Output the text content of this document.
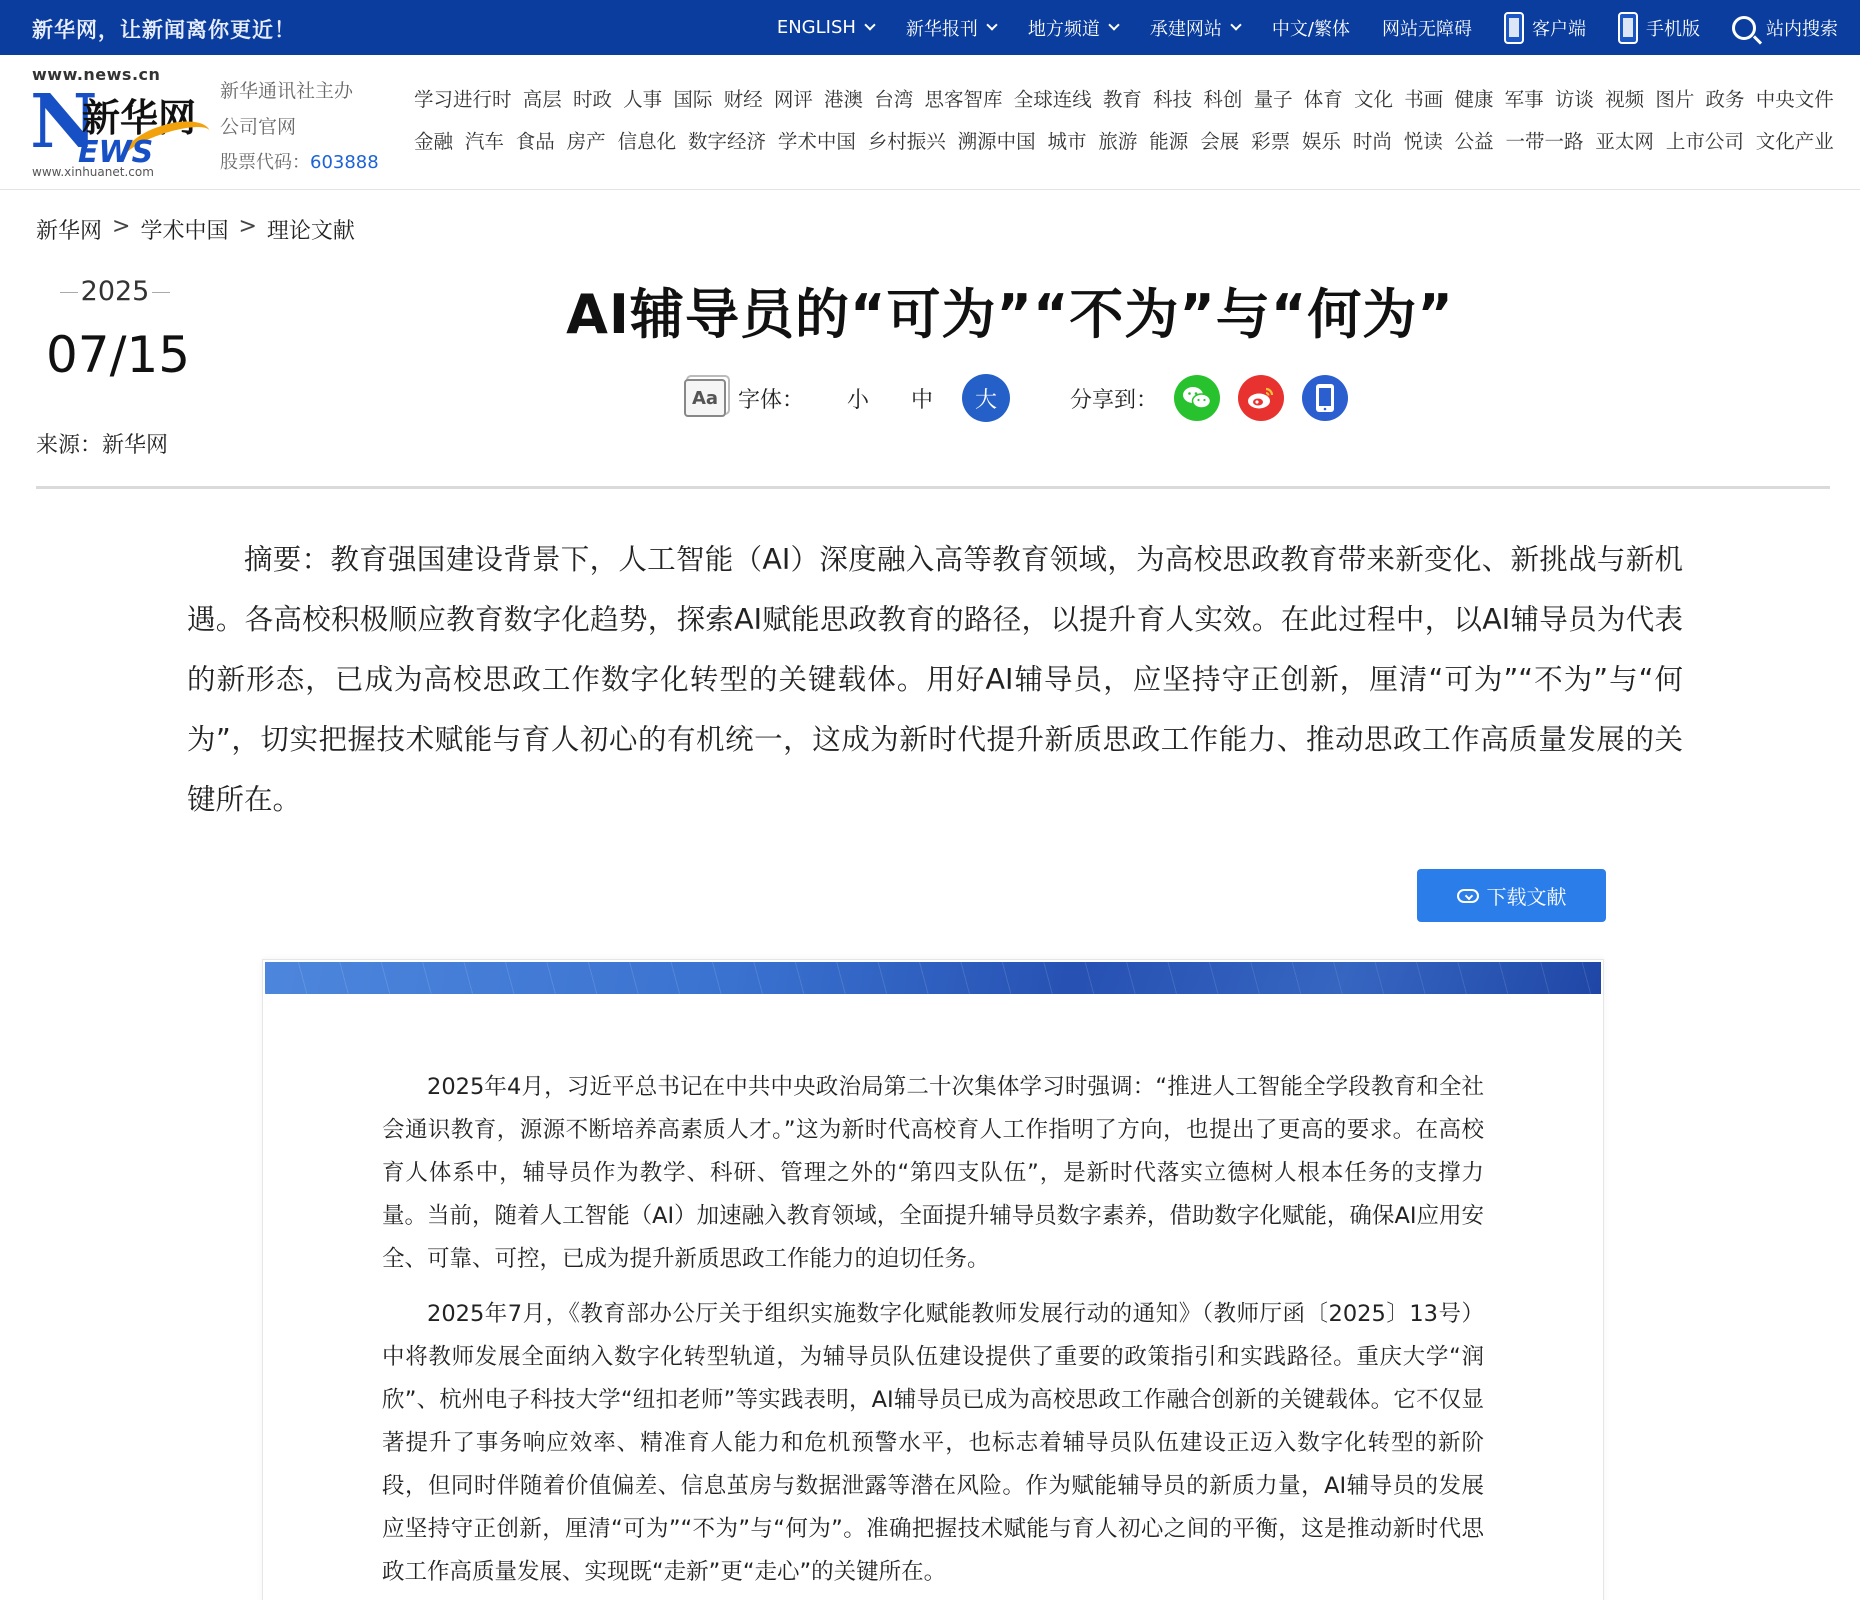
新华网，让新闻离你更近！	ENGLISH	新华报刊	地方频道	承建网站	中文/繁体 网站无障碍	客户端	手机版	站内搜索
www.news.cn
N
新华网
EWS
www.xinhuanet.com
新华通讯社主办
公司官网
股票代码：603888
学习进行时 高层 时政 人事 国际 财经 网评 港澳 台湾 思客智库 全球连线 教育 科技 科创 量子 体育 文化 书画 健康 军事 访谈 视频 图片 政务 中央文件
金融 汽车 食品 房产 信息化 数字经济 学术中国 乡村振兴 溯源中国 城市 旅游 能源 会展 彩票 娱乐 时尚 悦读 公益 一带一路 亚太网 上市公司 文化产业
新华网 > 学术中国 > 理论文献
2025
07/15
来源：新华网
AI辅导员的“可为”“不为”与“何为”
Aa 字体：	小	中	大	分享到：

摘要：教育强国建设背景下，人工智能（AI）深度融入高等教育领域，为高校思政教育带来新变化、新挑战与新机遇。各高校积极顺应教育数字化趋势，探索AI赋能思政教育的路径，以提升育人实效。在此过程中，以AI辅导员为代表的新形态，已成为高校思政工作数字化转型的关键载体。用好AI辅导员，应坚持守正创新，厘清“可为”“不为”与“何为”，切实把握技术赋能与育人初心的有机统一，这成为新时代提升新质思政工作能力、推动思政工作高质量发展的关键所在。

下载文献

2025年4月，习近平总书记在中共中央政治局第二十次集体学习时强调：“推进人工智能全学段教育和全社会通识教育，源源不断培养高素质人才。”这为新时代高校育人工作指明了方向，也提出了更高的要求。在高校育人体系中，辅导员作为教学、科研、管理之外的“第四支队伍”，是新时代落实立德树人根本任务的支撑力量。当前，随着人工智能（AI）加速融入教育领域，全面提升辅导员数字素养，借助数字化赋能，确保AI应用安全、可靠、可控，已成为提升新质思政工作能力的迫切任务。

2025年7月，《教育部办公厅关于组织实施数字化赋能教师发展行动的通知》（教师厅函〔2025〕13号）中将教师发展全面纳入数字化转型轨道，为辅导员队伍建设提供了重要的政策指引和实践路径。重庆大学“润欣”、杭州电子科技大学“纽扣老师”等实践表明，AI辅导员已成为高校思政工作融合创新的关键载体。它不仅显著提升了事务响应效率、精准育人能力和危机预警水平，也标志着辅导员队伍建设正迈入数字化转型的新阶段，但同时伴随着价值偏差、信息茧房与数据泄露等潜在风险。作为赋能辅导员的新质力量，AI辅导员的发展应坚持守正创新，厘清“可为”“不为”与“何为”。准确把握技术赋能与育人初心之间的平衡，这是推动新时代思政工作高质量发展、实现既“走新”更“走心”的关键所在。
